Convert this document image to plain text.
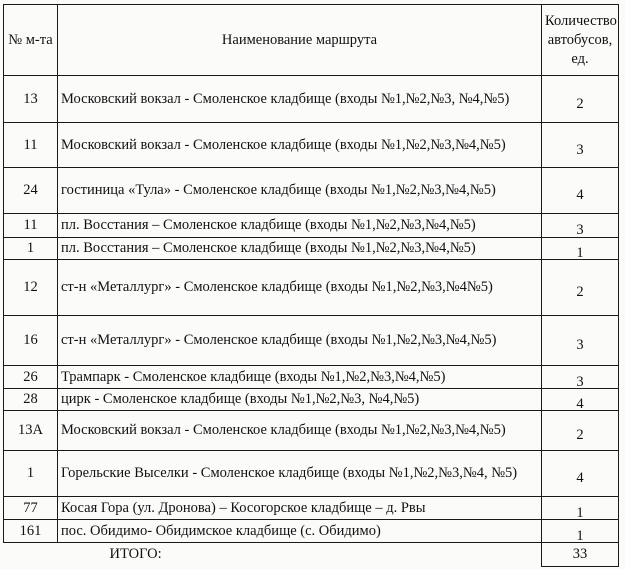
№ м-та	Наименование маршрута	Количество автобусов, ед.
13	Московский вокзал - Смоленское кладбище (входы №1,№2,№3, №4,№5)	2
11	Московский вокзал - Смоленское кладбище (входы №1,№2,№3,№4,№5)	3
24	гостиница «Тула» - Смоленское кладбище (входы №1,№2,№3,№4,№5)	4
11	пл. Восстания – Смоленское кладбище (входы №1,№2,№3,№4,№5)	3
1	пл. Восстания – Смоленское кладбище (входы №1,№2,№3,№4,№5)	1
12	ст-н «Металлург» - Смоленское кладбище (входы №1,№2,№3,№4№5)	2
16	ст-н «Металлург» - Смоленское кладбище (входы №1,№2,№3,№4,№5)	3
26	Трампарк - Смоленское кладбище (входы №1,№2,№3,№4,№5)	3
28	цирк - Смоленское кладбище (входы №1,№2,№3, №4,№5)	4
13А	Московский вокзал - Смоленское кладбище (входы №1,№2,№3,№4,№5)	2
1	Горельские Выселки - Смоленское кладбище (входы №1,№2,№3,№4, №5)	4
77	Косая Гора (ул. Дронова) – Косогорское кладбище – д. Рвы	1
161	пос. Обидимо- Обидимское кладбище (с. Обидимо)	1
	ИТОГО:	33
